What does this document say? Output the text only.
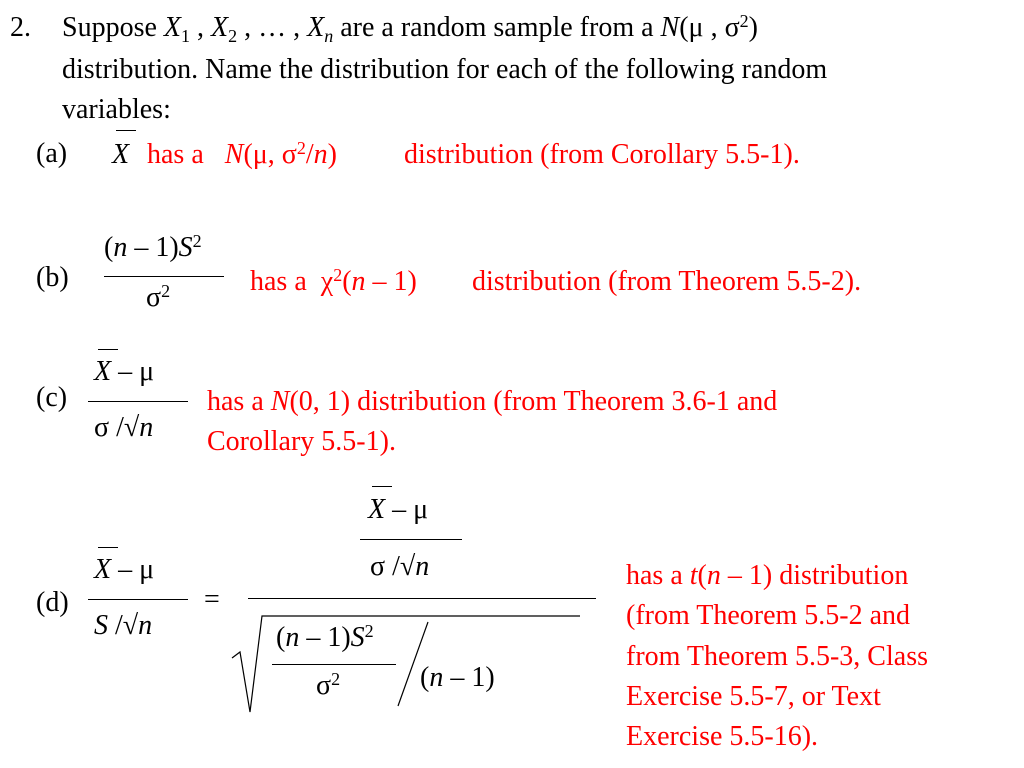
2. Suppose $X_1$ , $X_2$ , … , $X_n$ are a random sample from a N(μ , $\sigma^2$)
distribution. Name the distribution for each of the following random
variables:
(a) X has a N(μ, $\sigma^2/n$) distribution (from Corollary 5.5-1).
(b)
$(n - 1)S^2$
$\sigma^2$	has a $\chi^2(n - 1)$ distribution (from Theorem 5.5-2).
(c)
X – μ
σ /√n
has a N(0, 1) distribution (from Theorem 3.6-1 and
Corollary 5.5-1).
(d)
X – μ
S /√n
=
X – μ
σ /√n
$(n - 1)S^2$
$\sigma^2$	(n – 1)
has a t(n – 1) distribution
(from Theorem 5.5-2 and
from Theorem 5.5-3, Class
Exercise 5.5-7, or Text
Exercise 5.5-16).
